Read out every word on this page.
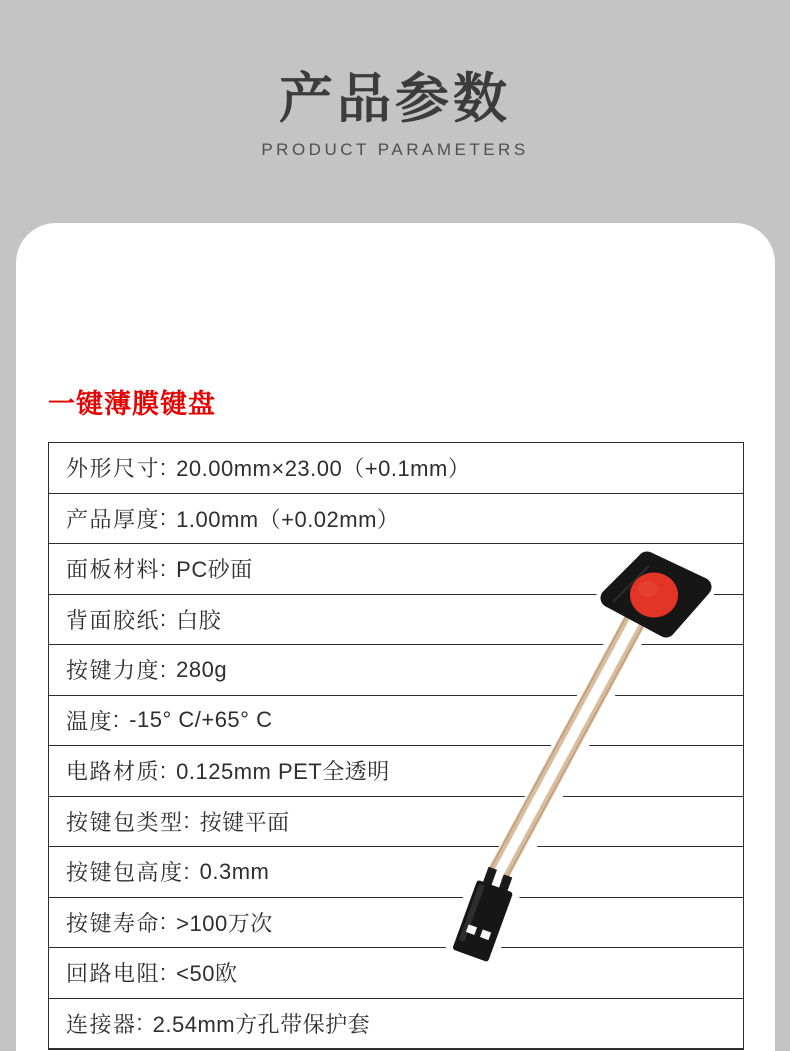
产品参数
PRODUCT PARAMETERS
一键薄膜键盘
外形尺寸 : 20.00mm×23.00（+0.1mm）
产品厚度 : 1.00mm（+0.02mm）
面板材料 : PC砂面
背面胶纸 : 白胶
按键力度 : 280g
温度 : -15° C/+65° C
电路材质 : 0.125mm PET全透明
按键包类型 : 按键平面
按键包高度 : 0.3mm
按键寿命 : >100万次
回路电阻 : <50欧
连接器 : 2.54mm方孔带保护套
